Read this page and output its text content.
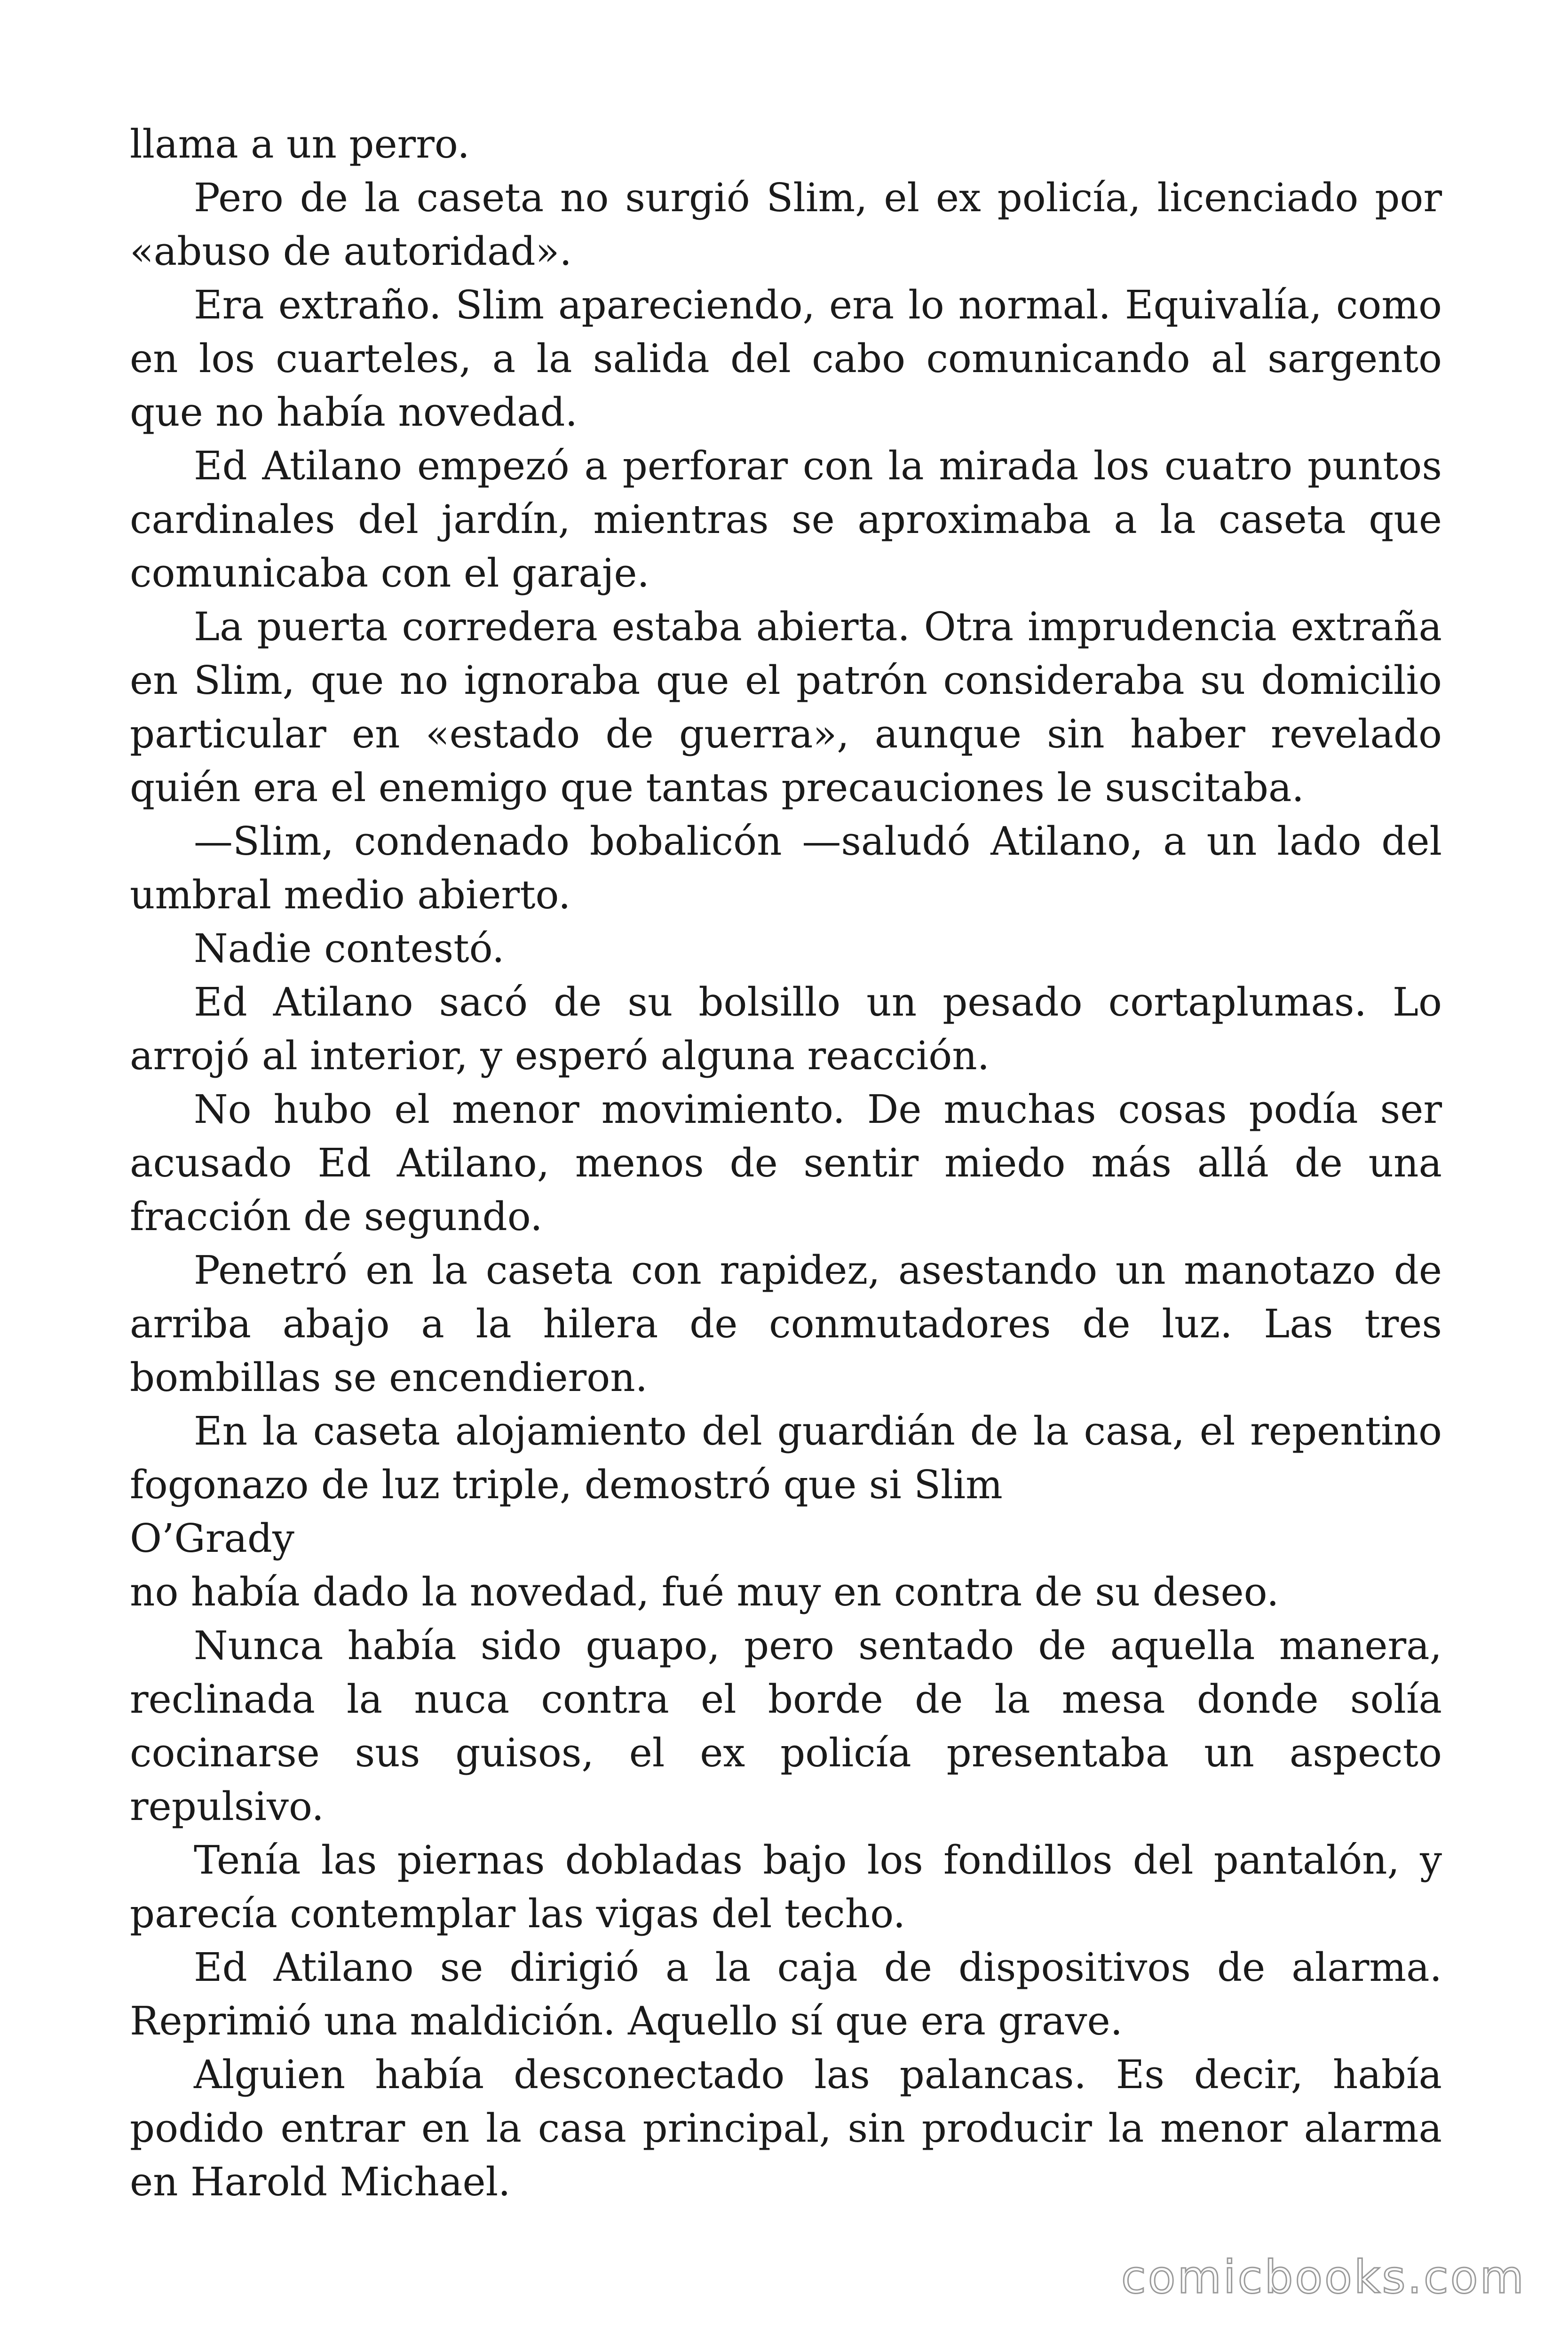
llama a un perro.

Pero de la caseta no surgió Slim, el ex policía, licenciado por «abuso de autoridad».

Era extraño. Slim apareciendo, era lo normal. Equivalía, como en los cuarteles, a la salida del cabo comunicando al sargento que no había novedad.

Ed Atilano empezó a perforar con la mirada los cuatro puntos cardinales del jardín, mientras se aproximaba a la caseta que comunicaba con el garaje.

La puerta corredera estaba abierta. Otra imprudencia extraña en Slim, que no ignoraba que el patrón consideraba su domicilio particular en «estado de guerra», aunque sin haber revelado quién era el enemigo que tantas precauciones le suscitaba.

—Slim, condenado bobalicón —saludó Atilano, a un lado del umbral medio abierto.

Nadie contestó.

Ed Atilano sacó de su bolsillo un pesado cortaplumas. Lo arrojó al interior, y esperó alguna reacción.

No hubo el menor movimiento. De muchas cosas podía ser acusado Ed Atilano, menos de sentir miedo más allá de una fracción de segundo.

Penetró en la caseta con rapidez, asestando un manotazo de arriba abajo a la hilera de conmutadores de luz. Las tres bombillas se encendieron.

En la caseta alojamiento del guardián de la casa, el repentino fogonazo de luz triple, demostró que si Slim

O’Grady

no había dado la novedad, fué muy en contra de su deseo.

Nunca había sido guapo, pero sentado de aquella manera, reclinada la nuca contra el borde de la mesa donde solía cocinarse sus guisos, el ex policía presentaba un aspecto repulsivo.

Tenía las piernas dobladas bajo los fondillos del pantalón, y parecía contemplar las vigas del techo.

Ed Atilano se dirigió a la caja de dispositivos de alarma. Reprimió una maldición. Aquello sí que era grave.

Alguien había desconectado las palancas. Es decir, había podido entrar en la casa principal, sin producir la menor alarma en Harold Michael.

comicbooks.com
